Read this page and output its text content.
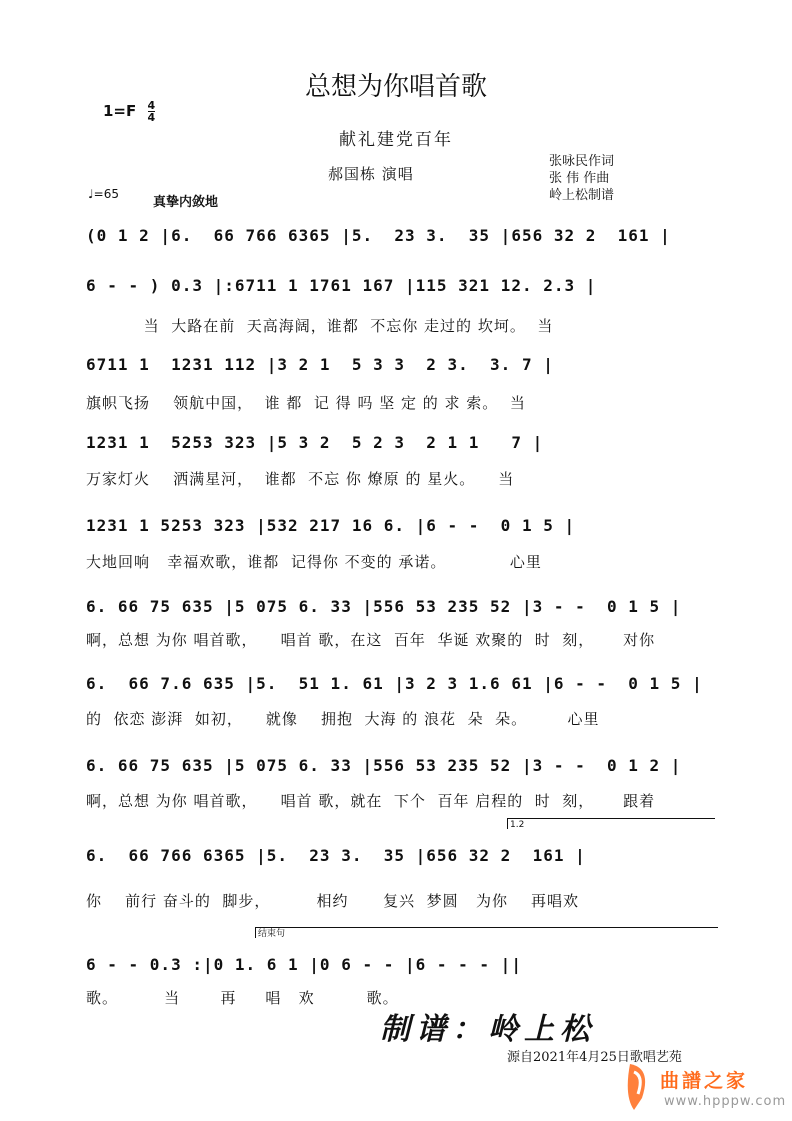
总想为你唱首歌
$1=F \frac{4}{4}$
献礼建党百年
郝国栋 演唱
张咏民作词
张 伟 作曲
岭上松制谱
♩=65
真挚内敛地
(0 1 2 |6.  66 766 6365 |5.  23 3.  35 |656 32 2  161 |
6 - - ) 0.3 |:6711 1 1761 167 |115 321 12. 2.3 |
当  大路在前  天高海阔，谁都  不忘你 走过的 坎坷。  当
6711 1  1231 112 |3 2 1  5 3 3  2 3.  3. 7 |
旗帜飞扬    领航中国，  谁 都  记 得 吗 坚 定 的 求 索。  当
1231 1  5253 323 |5 3 2  5 2 3  2 1 1   7 |
万家灯火    洒满星河，  谁都  不忘 你 燎原 的 星火。    当
1231 1 5253 323 |532 217 16 6. |6 - -  0 1 5 |
大地回响   幸福欢歌，谁都  记得你 不变的 承诺。           心里
6. 66 75 635 |5 075 6. 33 |556 53 235 52 |3 - -  0 1 5 |
啊，总想 为你 唱首歌，    唱首 歌，在这  百年  华诞 欢聚的  时  刻，     对你
6.  66 7.6 635 |5.  51 1. 61 |3 2 3 1.6 61 |6 - -  0 1 5 |
的  依恋 澎湃  如初，    就像    拥抱  大海 的 浪花  朵  朵。       心里
6. 66 75 635 |5 075 6. 33 |556 53 235 52 |3 - -  0 1 2 |
啊，总想 为你 唱首歌，    唱首 歌，就在  下个  百年 启程的  时  刻，     跟着
1.2
6.  66 766 6365 |5.  23 3.  35 |656 32 2  161 |
你    前行 奋斗的  脚步，        相约      复兴  梦圆   为你    再唱欢
结束句
6 - - 0.3 :|0 1. 6 1 |0 6 - - |6 - - - ||
歌。        当       再     唱   欢         歌。
制谱：岭上松
源自2021年4月25日歌唱艺苑
曲譜之家
www.hpppw.com
